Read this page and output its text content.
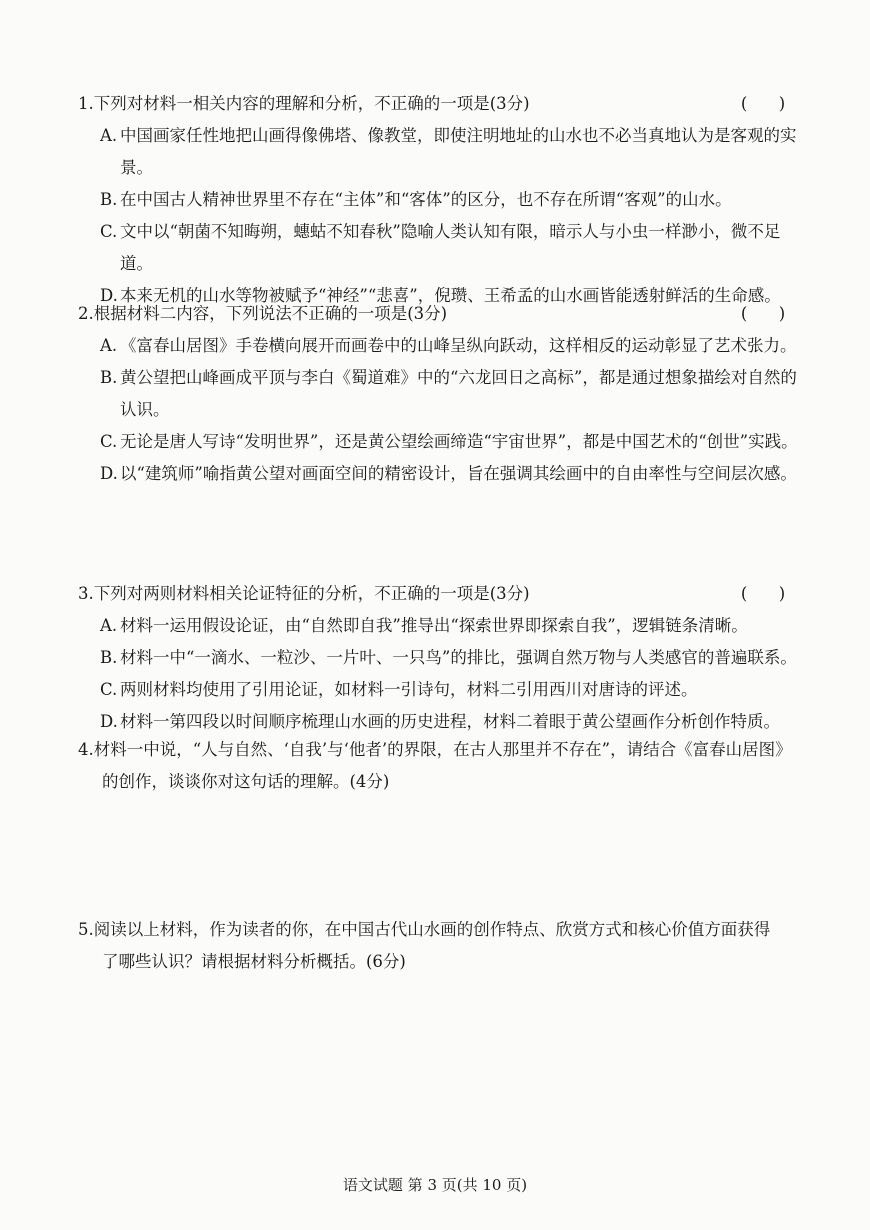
1. 下列对材料一相关内容的理解和分析，不正确的一项是(3分)	(      )
A. 中国画家任性地把山画得像佛塔、像教堂，即使注明地址的山水也不必当真地认为是客观的实景。
B. 在中国古人精神世界里不存在“主体”和“客体”的区分，也不存在所谓“客观”的山水。
C. 文中以“朝菌不知晦朔，蟪蛄不知春秋”隐喻人类认知有限，暗示人与小虫一样渺小，微不足道。
D. 本来无机的山水等物被赋予“神经”“悲喜”，倪瓒、王希孟的山水画皆能透射鲜活的生命感。
2. 根据材料二内容，下列说法不正确的一项是(3分)	(      )
A. 《富春山居图》手卷横向展开而画卷中的山峰呈纵向跃动，这样相反的运动彰显了艺术张力。
B. 黄公望把山峰画成平顶与李白《蜀道难》中的“六龙回日之高标”，都是通过想象描绘对自然的认识。
C. 无论是唐人写诗“发明世界”，还是黄公望绘画缔造“宇宙世界”，都是中国艺术的“创世”实践。
D. 以“建筑师”喻指黄公望对画面空间的精密设计，旨在强调其绘画中的自由率性与空间层次感。
3. 下列对两则材料相关论证特征的分析，不正确的一项是(3分)	(      )
A. 材料一运用假设论证，由“自然即自我”推导出“探索世界即探索自我”，逻辑链条清晰。
B. 材料一中“一滴水、一粒沙、一片叶、一只鸟”的排比，强调自然万物与人类感官的普遍联系。
C. 两则材料均使用了引用论证，如材料一引诗句，材料二引用西川对唐诗的评述。
D. 材料一第四段以时间顺序梳理山水画的历史进程，材料二着眼于黄公望画作分析创作特质。
4.材料一中说，“人与自然、‘自我’与‘他者’的界限，在古人那里并不存在”，请结合《富春山居图》
的创作，谈谈你对这句话的理解。(4分)
5.阅读以上材料，作为读者的你，在中国古代山水画的创作特点、欣赏方式和核心价值方面获得
了哪些认识？请根据材料分析概括。(6分)
语文试题 第 3 页(共 10 页)
